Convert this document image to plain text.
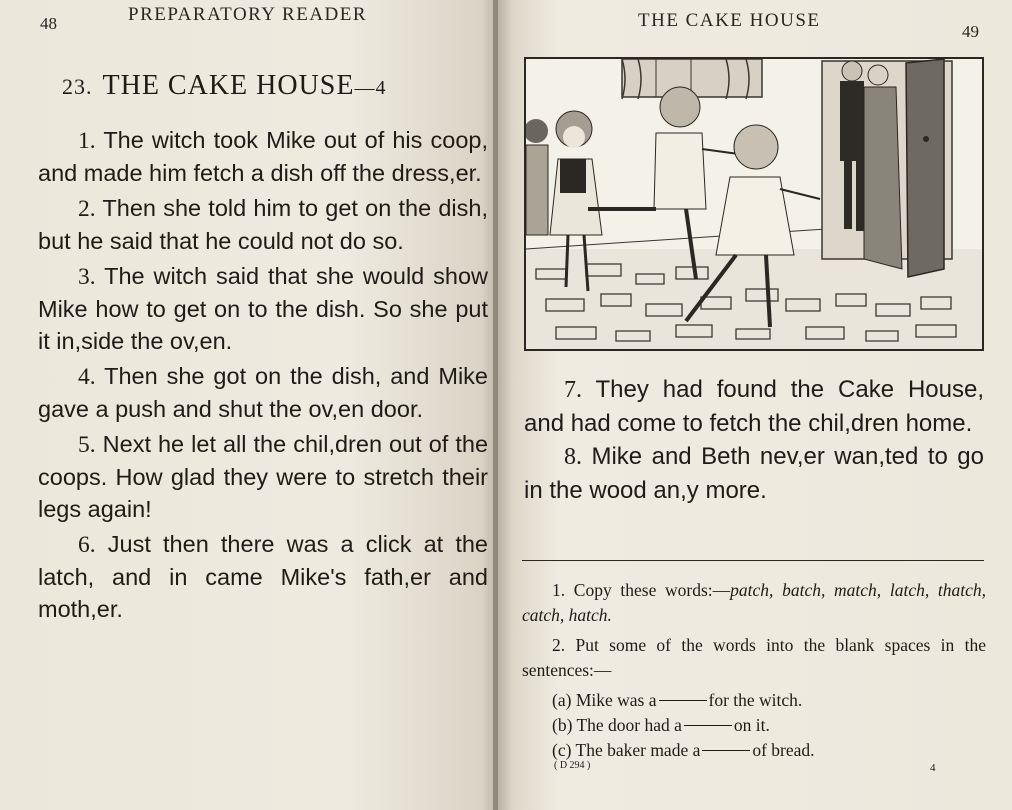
48	PREPARATORY READER
23. THE CAKE HOUSE—4

1. The witch took Mike out of his coop, and made him fetch a dish off the dress,er.

2. Then she told him to get on the dish, but he said that he could not do so.

3. The witch said that she would show Mike how to get on to the dish. So she put it in,side the ov,en.

4. Then she got on the dish, and Mike gave a push and shut the ov,en door.

5. Next he let all the chil,dren out of the coops. How glad they were to stretch their legs again!

6. Just then there was a click at the latch, and in came Mike's fath,er and moth,er.

THE CAKE HOUSE
49

7. They had found the Cake House, and had come to fetch the chil,dren home.

8. Mike and Beth nev,er wan,ted to go in the wood an,y more.

1. Copy these words:—patch, batch, match, latch, thatch, catch, hatch.

2. Put some of the words into the blank spaces in the sentences:—

(a) Mike was a	for the witch.

(b) The door had a	on it.

(c) The baker made a	of bread.

( D 294 )	4
